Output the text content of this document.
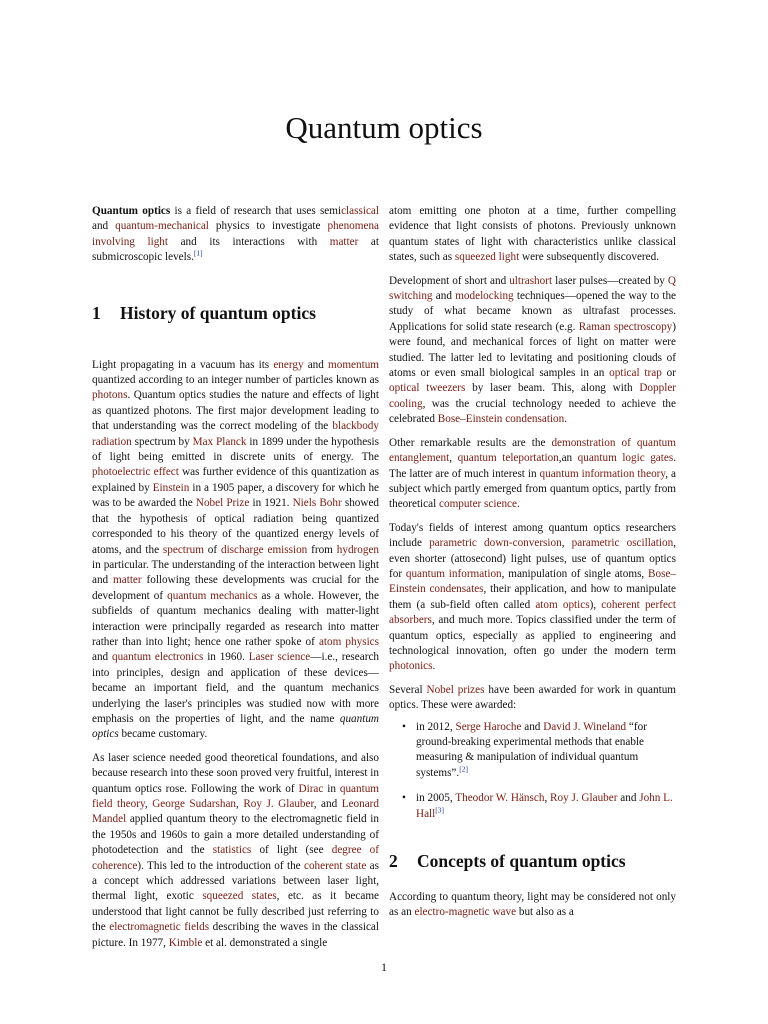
Quantum optics

Quantum optics is a field of research that uses semiclassical and quantum-mechanical physics to investigate phenomena involving light and its interactions with matter at submicroscopic levels.[1]

1 History of quantum optics

Light propagating in a vacuum has its energy and momentum quantized according to an integer number of particles known as photons. Quantum optics studies the nature and effects of light as quantized photons. The first major development leading to that understanding was the correct modeling of the blackbody radiation spectrum by Max Planck in 1899 under the hypothesis of light being emitted in discrete units of energy. The photoelectric effect was further evidence of this quantization as explained by Einstein in a 1905 paper, a discovery for which he was to be awarded the Nobel Prize in 1921. Niels Bohr showed that the hypothesis of optical radiation being quantized corresponded to his theory of the quantized energy levels of atoms, and the spectrum of discharge emission from hydrogen in particular. The understanding of the interaction between light and matter following these developments was crucial for the development of quantum mechanics as a whole. However, the subfields of quantum mechanics dealing with matter-light interaction were principally regarded as research into matter rather than into light; hence one rather spoke of atom physics and quantum electronics in 1960. Laser science—i.e., research into principles, design and application of these devices—became an important field, and the quantum mechanics underlying the laser's principles was studied now with more emphasis on the properties of light, and the name quantum optics became customary.

As laser science needed good theoretical foundations, and also because research into these soon proved very fruitful, interest in quantum optics rose. Following the work of Dirac in quantum field theory, George Sudarshan, Roy J. Glauber, and Leonard Mandel applied quantum theory to the electromagnetic field in the 1950s and 1960s to gain a more detailed understanding of photodetection and the statistics of light (see degree of coherence). This led to the introduction of the coherent state as a concept which addressed variations between laser light, thermal light, exotic squeezed states, etc. as it became understood that light cannot be fully described just referring to the electromagnetic fields describing the waves in the classical picture. In 1977, Kimble et al. demonstrated a single

atom emitting one photon at a time, further compelling evidence that light consists of photons. Previously unknown quantum states of light with characteristics unlike classical states, such as squeezed light were subsequently discovered.

Development of short and ultrashort laser pulses—created by Q switching and modelocking techniques—opened the way to the study of what became known as ultrafast processes. Applications for solid state research (e.g. Raman spectroscopy) were found, and mechanical forces of light on matter were studied. The latter led to levitating and positioning clouds of atoms or even small biological samples in an optical trap or optical tweezers by laser beam. This, along with Doppler cooling, was the crucial technology needed to achieve the celebrated Bose–Einstein condensation.

Other remarkable results are the demonstration of quantum entanglement, quantum teleportation,an quantum logic gates. The latter are of much interest in quantum information theory, a subject which partly emerged from quantum optics, partly from theoretical computer science.

Today's fields of interest among quantum optics researchers include parametric down-conversion, parametric oscillation, even shorter (attosecond) light pulses, use of quantum optics for quantum information, manipulation of single atoms, Bose–Einstein condensates, their application, and how to manipulate them (a sub-field often called atom optics), coherent perfect absorbers, and much more. Topics classified under the term of quantum optics, especially as applied to engineering and technological innovation, often go under the modern term photonics.

Several Nobel prizes have been awarded for work in quantum optics. These were awarded:

• in 2012, Serge Haroche and David J. Wineland “for ground-breaking experimental methods that enable measuring & manipulation of individual quantum systems”.[2]
• in 2005, Theodor W. Hänsch, Roy J. Glauber and John L. Hall[3]
2 Concepts of quantum optics

According to quantum theory, light may be considered not only as an electro-magnetic wave but also as a

1
